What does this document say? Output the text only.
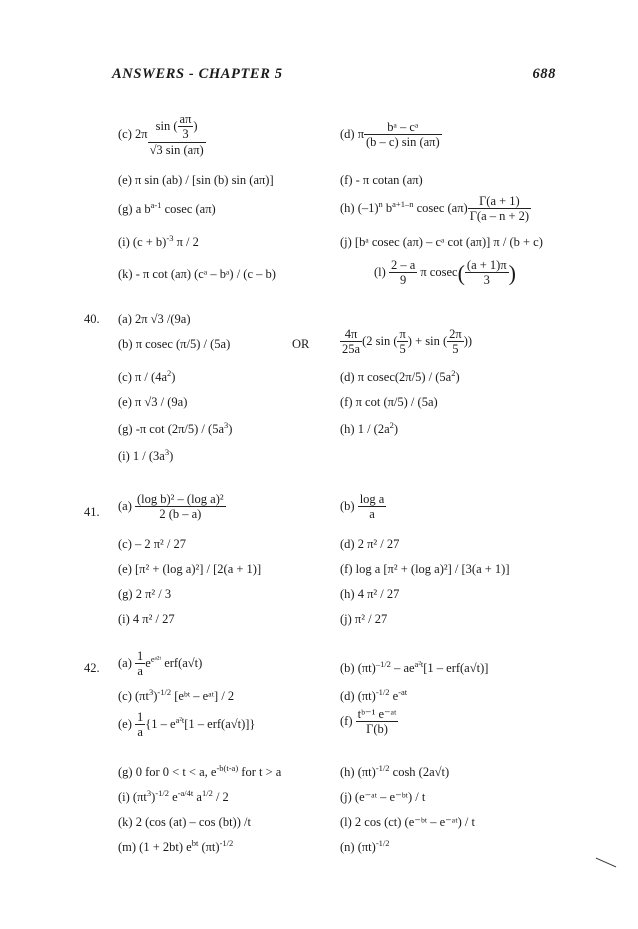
ANSWERS - CHAPTER 5	688
(c) $2\pi \frac{\sin ( \frac{a\pi}{3} )}{√3 \sin (a\pi)}$	(d) π $\frac{\text{bᵃ – cᵃ}}{(b - c) \sin (a\pi)}$
(e) π sin (ab) / [sin (b) sin (aπ)]	(f) - π cotan (aπ)
(g) a $b^{a-1}$ cosec (aπ)	(h) $(-1)^n$ $b^{a+1-n}$ cosec $(a\pi) \frac{\Gamma(a + 1)}{\Gamma(a - n + 2)}$
(i) $(c + b)^{-3}$ π / 2	(j) [bᵃ cosec (aπ) – cᵃ cot (aπ)] π / (b + c)
(k) - π cot (aπ) (cᵃ – bᵃ) / (c – b)	$(l) \frac{2 - a}{9}$ π $cosec( \frac{(a + 1)\pi}{3}$ )
40. (a) 2π √3 /(9a)
(b) π cosec (π/5) / (5a)	OR $\frac{4\pi}{25a} (2$ sin ( $\frac{\pi}{5}$ ) + sin ( $\frac{2\pi}{5}$ ))
(c) π / $(4a^2)$	(d) π $cosec(2\pi/5) / (5a^2)$
(e) π √3 / (9a)	(f) π cot (π/5) / (5a)
(g) -π $\cot (2\pi/5) / (5a^3)$	(h) $1 / (2a^2)$
(i) $1 / (3a^3)$
41. $(a) \frac{\text{(log b)² – (log a)²}}{2 (b - a)}$	$(b) \frac{\text{log a}}{a}$
(c) – 2 π² / 27	(d) 2 π² / 27
(e) [π² + (log a)²] / [2(a + 1)]	(f) log a [π² + (log a)²] / [3(a + 1)]
(g) 2 π² / 3	(h) 4 π² / 27
(i) 4 π² / 27	(j) π² / 27
42. $(a) \frac{1}{a} e^{eᵃ^2ᵗ}$ erf(a√t)	(b) $(\pi t)^{-1/2} - ae^{a^2t}[1 - erf(a√t)]$
(c) $(\pi t^3)^{-1/2}$ [eᵇᵗ – eᵃᵗ] / 2	(d) $(\pi t)^{-1/2}$ $e^{-at}$
$(e) \frac{1}{a} \{1 - e^{a^2t}[1 - erf(a√t)]\}$	$(f) \frac{\text{tᵇ⁻¹ e⁻ᵃᵗ}}{\Gamma(b)}$
(g) 0 for 0 < t < a, $e^{-b(t-a)}$ for t > a	(h) $(\pi t)^{-1/2}$ cosh (2a√t)
(i) $(\pi t^3)^{-1/2}$ $e^{-a/4t}$ $a^{1/2} / 2$	(j) (e⁻ᵃᵗ – e⁻ᵇᵗ) / t
(k) 2 (cos (at) – cos (bt)) /t	(l) 2 cos (ct) (e⁻ᵇᵗ – e⁻ᵃᵗ) / t
(m) (1 + 2bt) $e^{bt}$ $(\pi t)^{-1/2}$	(n) $(\pi t)^{-1/2}$
